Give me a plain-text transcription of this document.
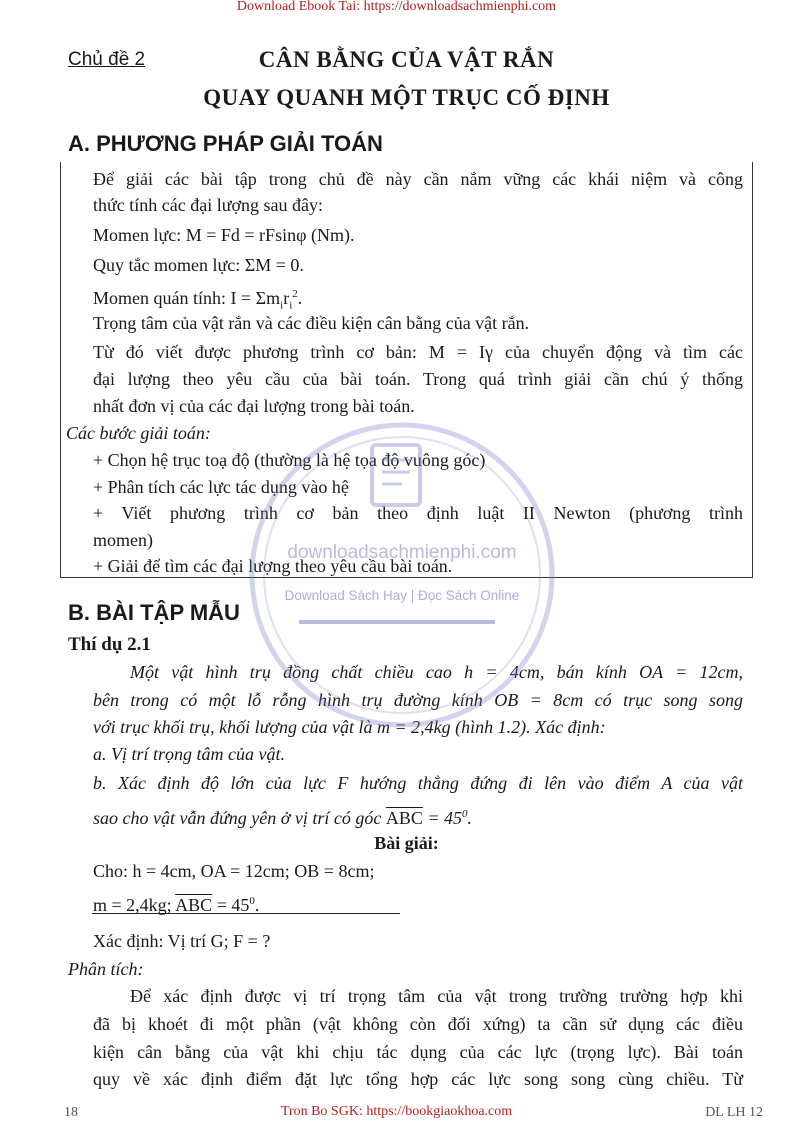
Download Ebook Tai: https://downloadsachmienphi.com
Chủ đề 2	CÂN BẰNG CỦA VẬT RẮN
QUAY QUANH MỘT TRỤC CỐ ĐỊNH
A. PHƯƠNG PHÁP GIẢI TOÁN
Để giải các bài tập trong chủ đề này cần nắm vững các khái niệm và công
thức tính các đại lượng sau đây:
Momen lực: M = Fd = rFsinφ (Nm).
Quy tắc momen lực: ΣM = 0.
Momen quán tính: $I = \Sigma m_ir_i^2$.
Trọng tâm của vật rắn và các điều kiện cân bằng của vật rắn.
Từ đó viết được phương trình cơ bản: M = Iγ của chuyển động và tìm các
đại lượng theo yêu cầu của bài toán. Trong quá trình giải cần chú ý thống
nhất đơn vị của các đại lượng trong bài toán.
Các bước giải toán:
+ Chọn hệ trục toạ độ (thường là hệ tọa độ vuông góc)
+ Phân tích các lực tác dụng vào hệ
+ Viết phương trình cơ bản theo định luật II Newton (phương trình
momen)
+ Giải để tìm các đại lượng theo yêu cầu bài toán.
B. BÀI TẬP MẪU
Thí dụ 2.1
Một vật hình trụ đồng chất chiều cao h = 4cm, bán kính OA = 12cm,
bên trong có một lỗ rỗng hình trụ đường kính OB = 8cm có trục song song
với trục khối trụ, khối lượng của vật là m = 2,4kg (hình 1.2). Xác định:
a. Vị trí trọng tâm của vật.
b. Xác định độ lớn của lực F hướng thẳng đứng đi lên vào điểm A của vật
sao cho vật vẫn đứng yên ở vị trí có góc $\overline{ABC} = 45^0$.
Bài giải:
Cho: h = 4cm, OA = 12cm; OB = 8cm;
m = 2,4kg; $\overline{ABC} = 45^0$.
Xác định: Vị trí G; F = ?
Phân tích:
Để xác định được vị trí trọng tâm của vật trong trường trường hợp khi
đã bị khoét đi một phần (vật không còn đối xứng) ta cần sử dụng các điều
kiện cân bằng của vật khi chịu tác dụng của các lực (trọng lực). Bài toán
quy về xác định điểm đặt lực tổng hợp các lực song song cùng chiều. Từ
18	DL LH 12
Tron Bo SGK: https://bookgiaokhoa.com
downloadsachmienphi.com
Download Sách Hay | Đọc Sách Online
